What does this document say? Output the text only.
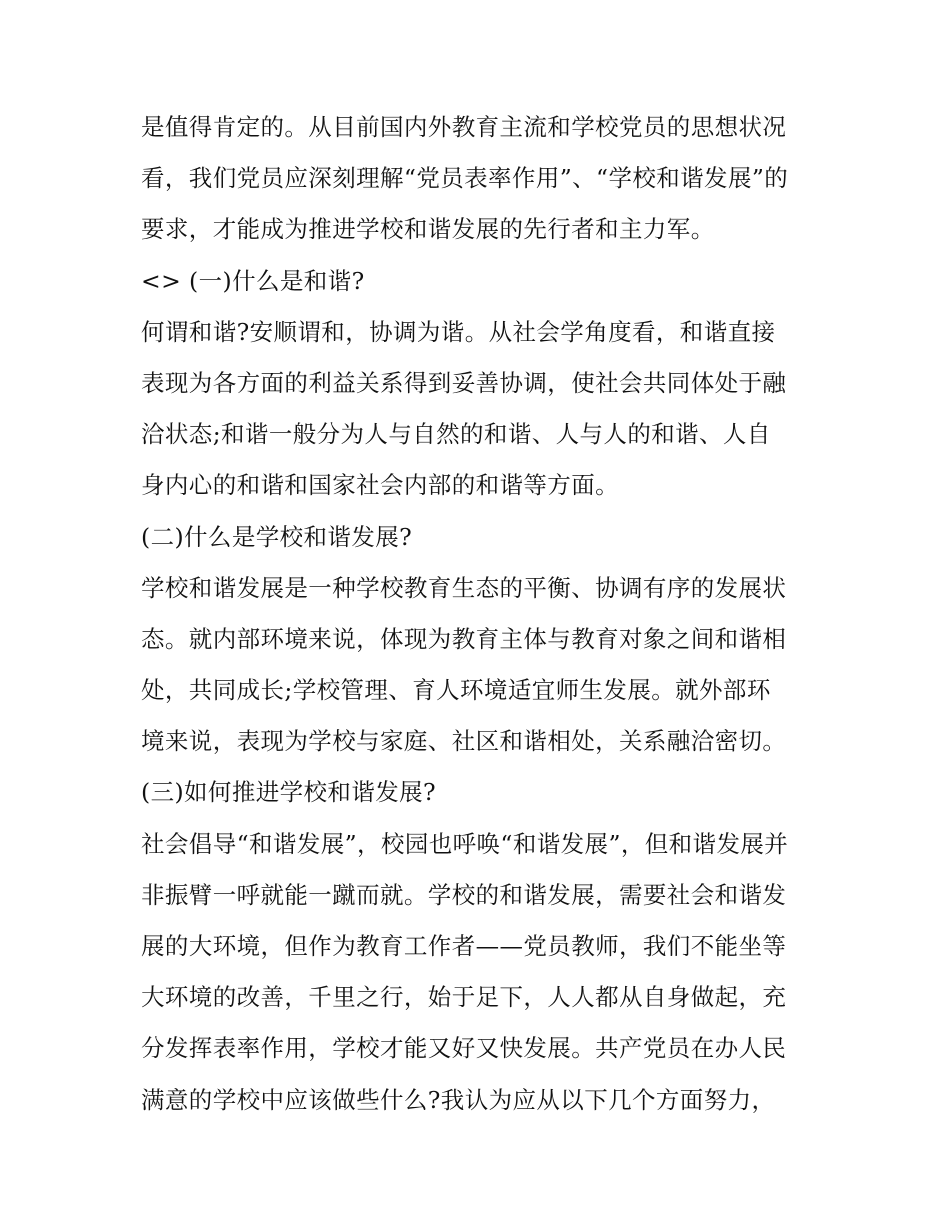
是值得肯定的。从目前国内外教育主流和学校党员的思想状况
看，我们党员应深刻理解“党员表率作用”、“学校和谐发展”的
要求，才能成为推进学校和谐发展的先行者和主力军。
<> (一)什么是和谐?
何谓和谐?安顺谓和，协调为谐。从社会学角度看，和谐直接
表现为各方面的利益关系得到妥善协调，使社会共同体处于融
洽状态;和谐一般分为人与自然的和谐、人与人的和谐、人自
身内心的和谐和国家社会内部的和谐等方面。
(二)什么是学校和谐发展?
学校和谐发展是一种学校教育生态的平衡、协调有序的发展状
态。就内部环境来说，体现为教育主体与教育对象之间和谐相
处，共同成长;学校管理、育人环境适宜师生发展。就外部环
境来说，表现为学校与家庭、社区和谐相处，关系融洽密切。
(三)如何推进学校和谐发展?
社会倡导“和谐发展”，校园也呼唤“和谐发展”，但和谐发展并
非振臂一呼就能一蹴而就。学校的和谐发展，需要社会和谐发
展的大环境，但作为教育工作者——党员教师，我们不能坐等
大环境的改善，千里之行，始于足下，人人都从自身做起，充
分发挥表率作用，学校才能又好又快发展。共产党员在办人民
满意的学校中应该做些什么?我认为应从以下几个方面努力，
